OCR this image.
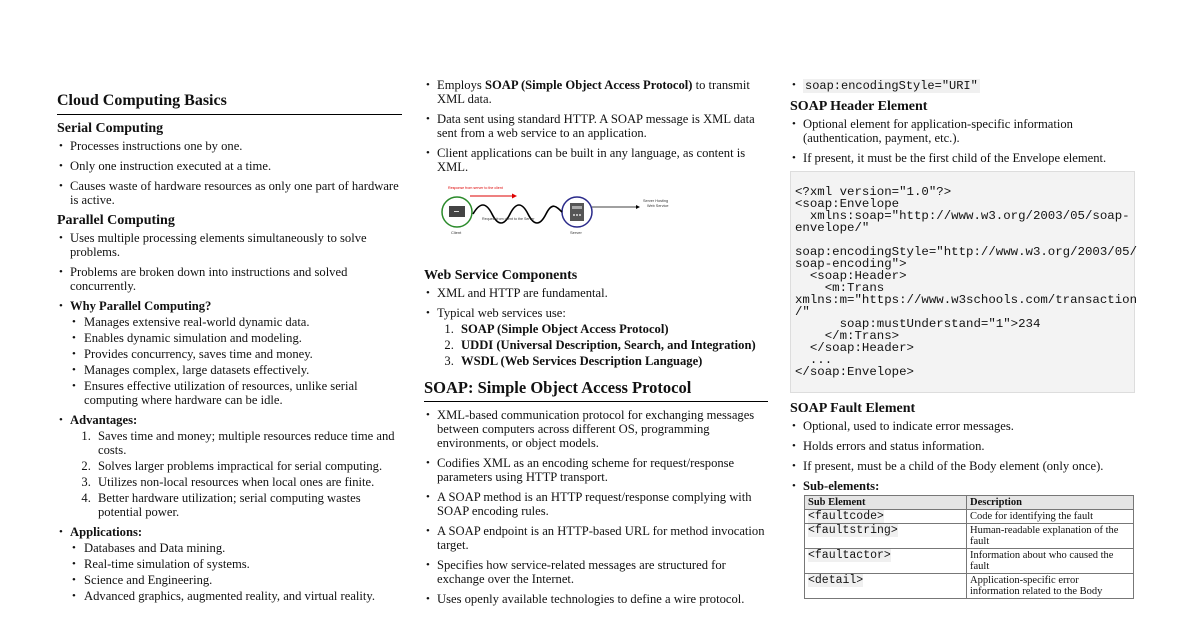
Cloud Computing Basics
Serial Computing
• Processes instructions one by one.
• Only one instruction executed at a time.
• Causes waste of hardware resources as only one part of hardware is active.
Parallel Computing
• Uses multiple processing elements simultaneously to solve problems.
• Problems are broken down into instructions and solved concurrently.
• Why Parallel Computing?
• Manages extensive real-world dynamic data.
• Enables dynamic simulation and modeling.
• Provides concurrency, saves time and money.
• Manages complex, large datasets effectively.
• Ensures effective utilization of resources, unlike serial computing where hardware can be idle.
• Advantages:
1. Saves time and money; multiple resources reduce time and costs.
2. Solves larger problems impractical for serial computing.
3. Utilizes non-local resources when local ones are finite.
4. Better hardware utilization; serial computing wastes potential power.
• Applications:
• Databases and Data mining.
• Real-time simulation of systems.
• Science and Engineering.
• Advanced graphics, augmented reality, and virtual reality.
• Employs SOAP (Simple Object Access Protocol) to transmit XML data.
• Data sent using standard HTTP. A SOAP message is XML data sent from a web service to an application.
• Client applications can be built in any language, as content is XML.
Response from server to the client
Request from client to the Server
Client	Server
Server Hosting
Web Service
Web Service Components
• XML and HTTP are fundamental.
• Typical web services use:
1. SOAP (Simple Object Access Protocol)
2. UDDI (Universal Description, Search, and Integration)
3. WSDL (Web Services Description Language)
SOAP: Simple Object Access Protocol
• XML-based communication protocol for exchanging messages between computers across different OS, programming environments, or object models.
• Codifies XML as an encoding scheme for request/response parameters using HTTP transport.
• A SOAP method is an HTTP request/response complying with SOAP encoding rules.
• A SOAP endpoint is an HTTP-based URL for method invocation target.
• Specifies how service-related messages are structured for exchange over the Internet.
• Uses openly available technologies to define a wire protocol.
• soap:encodingStyle="URI"
SOAP Header Element
• Optional element for application-specific information (authentication, payment, etc.).
• If present, it must be the first child of the Envelope element.
<?xml version="1.0"?>
<soap:Envelope
xmlns:soap="http://www.w3.org/2003/05/soap-
envelope/"

soap:encodingStyle="http://www.w3.org/2003/05/
soap-encoding">
<soap:Header>
<m:Trans
xmlns:m="https://www.w3schools.com/transaction
/"
soap:mustUnderstand="1">234
</m:Trans>
</soap:Header>
...
</soap:Envelope>
SOAP Fault Element
• Optional, used to indicate error messages.
• Holds errors and status information.
• If present, must be a child of the Body element (only once).
• Sub-elements:
Sub Element	Description
<faultcode>	Code for identifying the fault
<faultstring>	Human-readable explanation of the fault
<faultactor>	Information about who caused the fault
<detail>	Application-specific error information related to the Body
